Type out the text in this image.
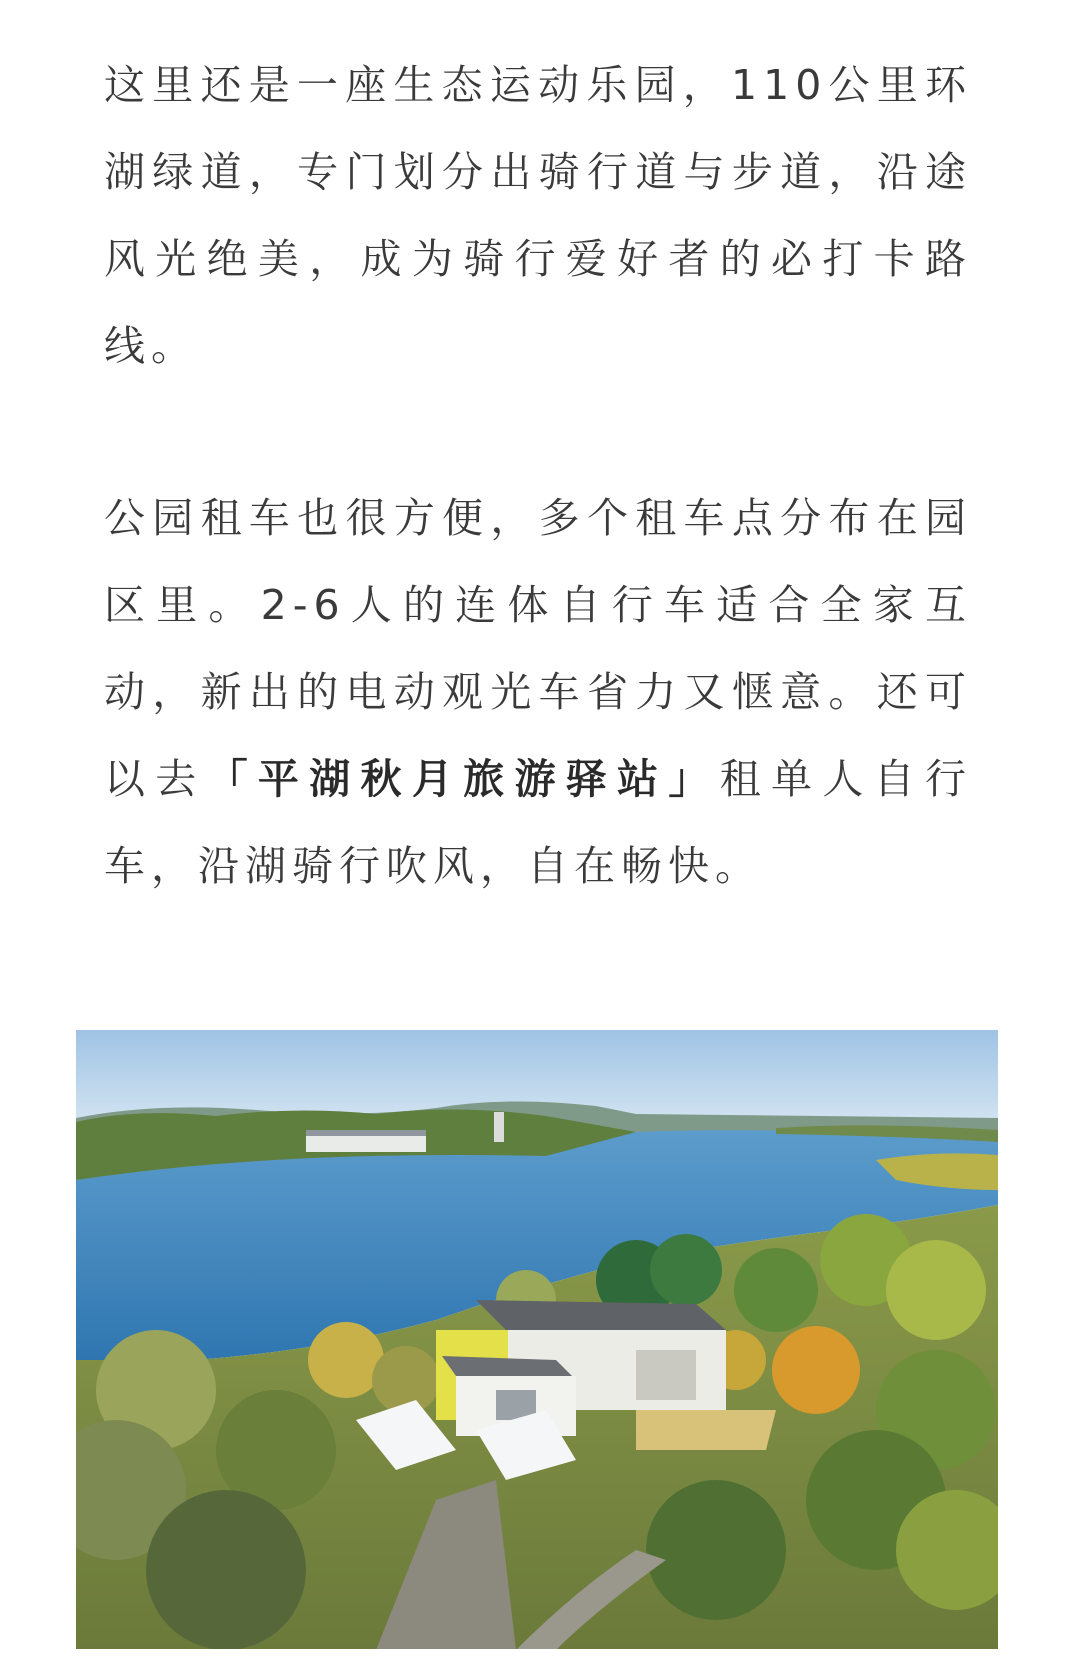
这里还是一座生态运动乐园，110公里环湖绿道，专门划分出骑行道与步道，沿途风光绝美，成为骑行爱好者的必打卡路线。

公园租车也很方便，多个租车点分布在园区里。2-6人的连体自行车适合全家互动，新出的电动观光车省力又惬意。还可以去「平湖秋月旅游驿站」租单人自行车，沿湖骑行吹风，自在畅快。
